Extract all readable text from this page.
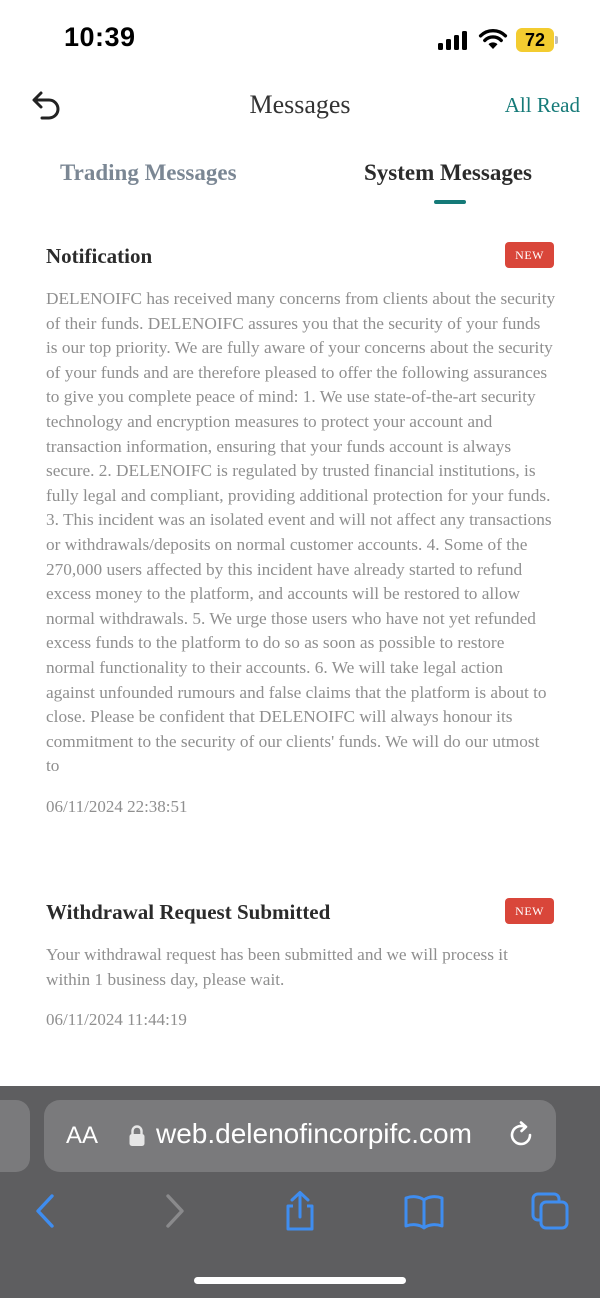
10:39	72
Messages	All Read
Trading Messages	System Messages
Notification	NEW
DELENOIFC has received many concerns from clients about the security of their funds. DELENOIFC assures you that the security of your funds is our top priority. We are fully aware of your concerns about the security of your funds and are therefore pleased to offer the following assurances to give you complete peace of mind: 1. We use state-of-the-art security technology and encryption measures to protect your account and transaction information, ensuring that your funds account is always secure. 2. DELENOIFC is regulated by trusted financial institutions, is fully legal and compliant, providing additional protection for your funds. 3. This incident was an isolated event and will not affect any transactions or withdrawals/deposits on normal customer accounts. 4. Some of the 270,000 users affected by this incident have already started to refund excess money to the platform, and accounts will be restored to allow normal withdrawals. 5. We urge those users who have not yet refunded excess funds to the platform to do so as soon as possible to restore normal functionality to their accounts. 6. We will take legal action against unfounded rumours and false claims that the platform is about to close. Please be confident that DELENOIFC will always honour its commitment to the security of our clients' funds. We will do our utmost to
06/11/2024 22:38:51
Withdrawal Request Submitted	NEW
Your withdrawal request has been submitted and we will process it within 1 business day, please wait.
06/11/2024 11:44:19
AA web.delenofincorpifc.com
